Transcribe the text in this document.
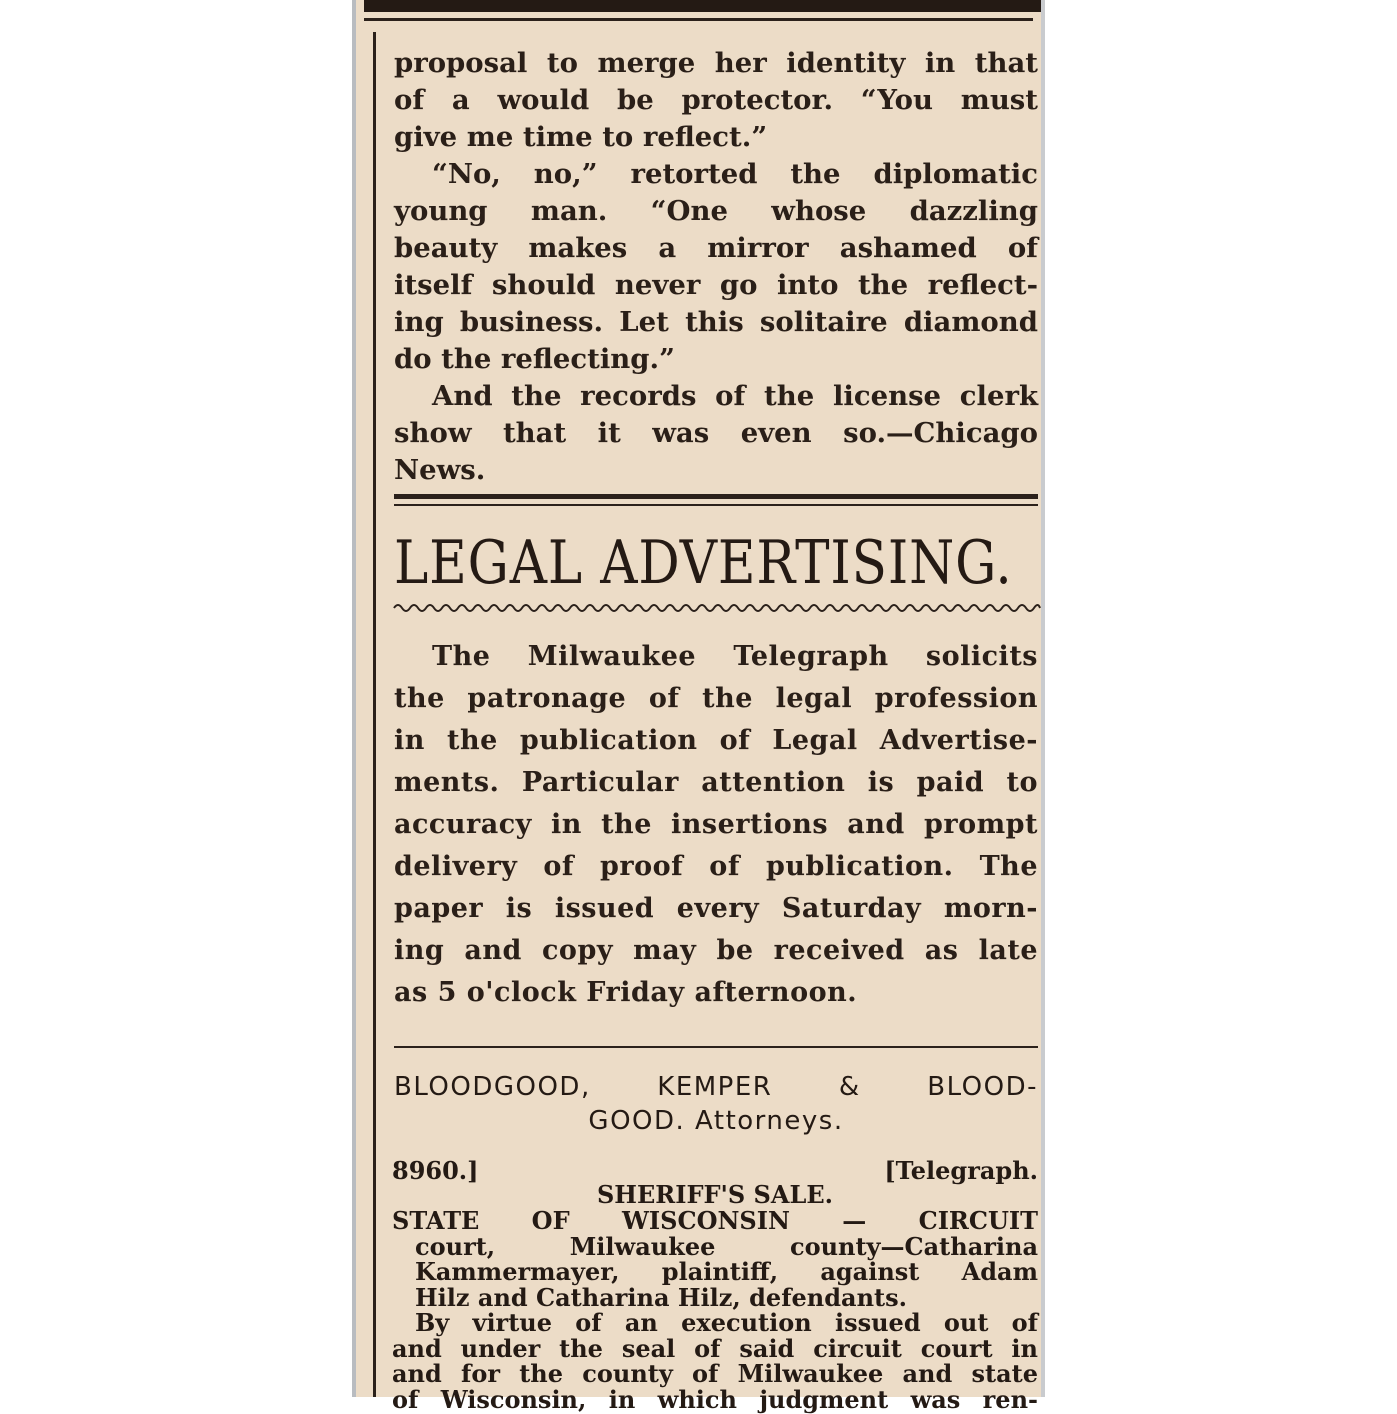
proposal to merge her identity in that

of a would be protector. “You must

give me time to reflect.”

“No, no,” retorted the diplomatic

young man. “One whose dazzling

beauty makes a mirror ashamed of

itself should never go into the reflect-

ing business. Let this solitaire diamond

do the reflecting.”

And the records of the license clerk

show that it was even so.—Chicago

News.

LEGAL ADVERTISING.

The Milwaukee Telegraph solicits

the patronage of the legal profession

in the publication of Legal Advertise-

ments. Particular attention is paid to

accuracy in the insertions and prompt

delivery of proof of publication. The

paper is issued every Saturday morn-

ing and copy may be received as late

as 5 o'clock Friday afternoon.

BLOODGOOD, KEMPER & BLOOD-
GOOD. Attorneys.
8960.]	[Telegraph.
SHERIFF'S SALE.
STATE OF WISCONSIN — CIRCUIT
court, Milwaukee county—Catharina
Kammermayer, plaintiff, against Adam
Hilz and Catharina Hilz, defendants.
By virtue of an execution issued out of
and under the seal of said circuit court in
and for the county of Milwaukee and state
of Wisconsin, in which judgment was ren-
